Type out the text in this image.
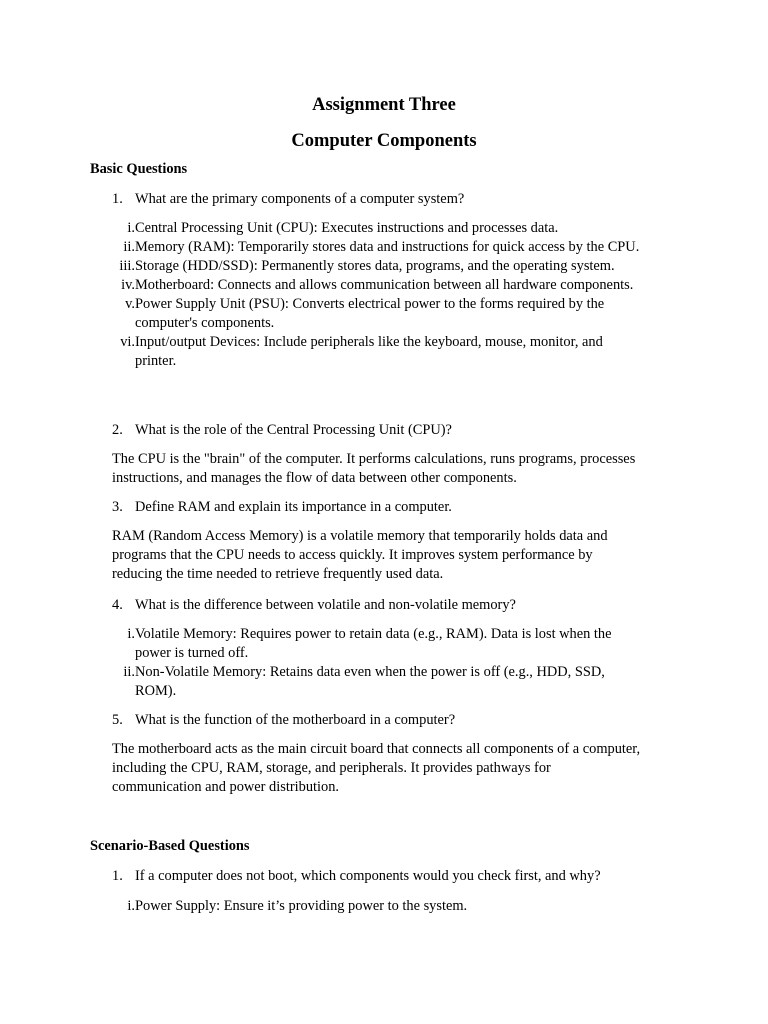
Assignment Three
Computer Components
Basic Questions
1. What are the primary components of a computer system?
i. Central Processing Unit (CPU): Executes instructions and processes data.
ii. Memory (RAM): Temporarily stores data and instructions for quick access by the CPU.
iii. Storage (HDD/SSD): Permanently stores data, programs, and the operating system.
iv. Motherboard: Connects and allows communication between all hardware components.
v. Power Supply Unit (PSU): Converts electrical power to the forms required by the computer's components.
vi. Input/output Devices: Include peripherals like the keyboard, mouse, monitor, and printer.
2. What is the role of the Central Processing Unit (CPU)?
The CPU is the "brain" of the computer. It performs calculations, runs programs, processes instructions, and manages the flow of data between other components.
3. Define RAM and explain its importance in a computer.
RAM (Random Access Memory) is a volatile memory that temporarily holds data and programs that the CPU needs to access quickly. It improves system performance by reducing the time needed to retrieve frequently used data.
4. What is the difference between volatile and non-volatile memory?
i. Volatile Memory: Requires power to retain data (e.g., RAM). Data is lost when the power is turned off.
ii. Non-Volatile Memory: Retains data even when the power is off (e.g., HDD, SSD, ROM).
5. What is the function of the motherboard in a computer?
The motherboard acts as the main circuit board that connects all components of a computer, including the CPU, RAM, storage, and peripherals. It provides pathways for communication and power distribution.
Scenario-Based Questions
1. If a computer does not boot, which components would you check first, and why?
i. Power Supply: Ensure it’s providing power to the system.
